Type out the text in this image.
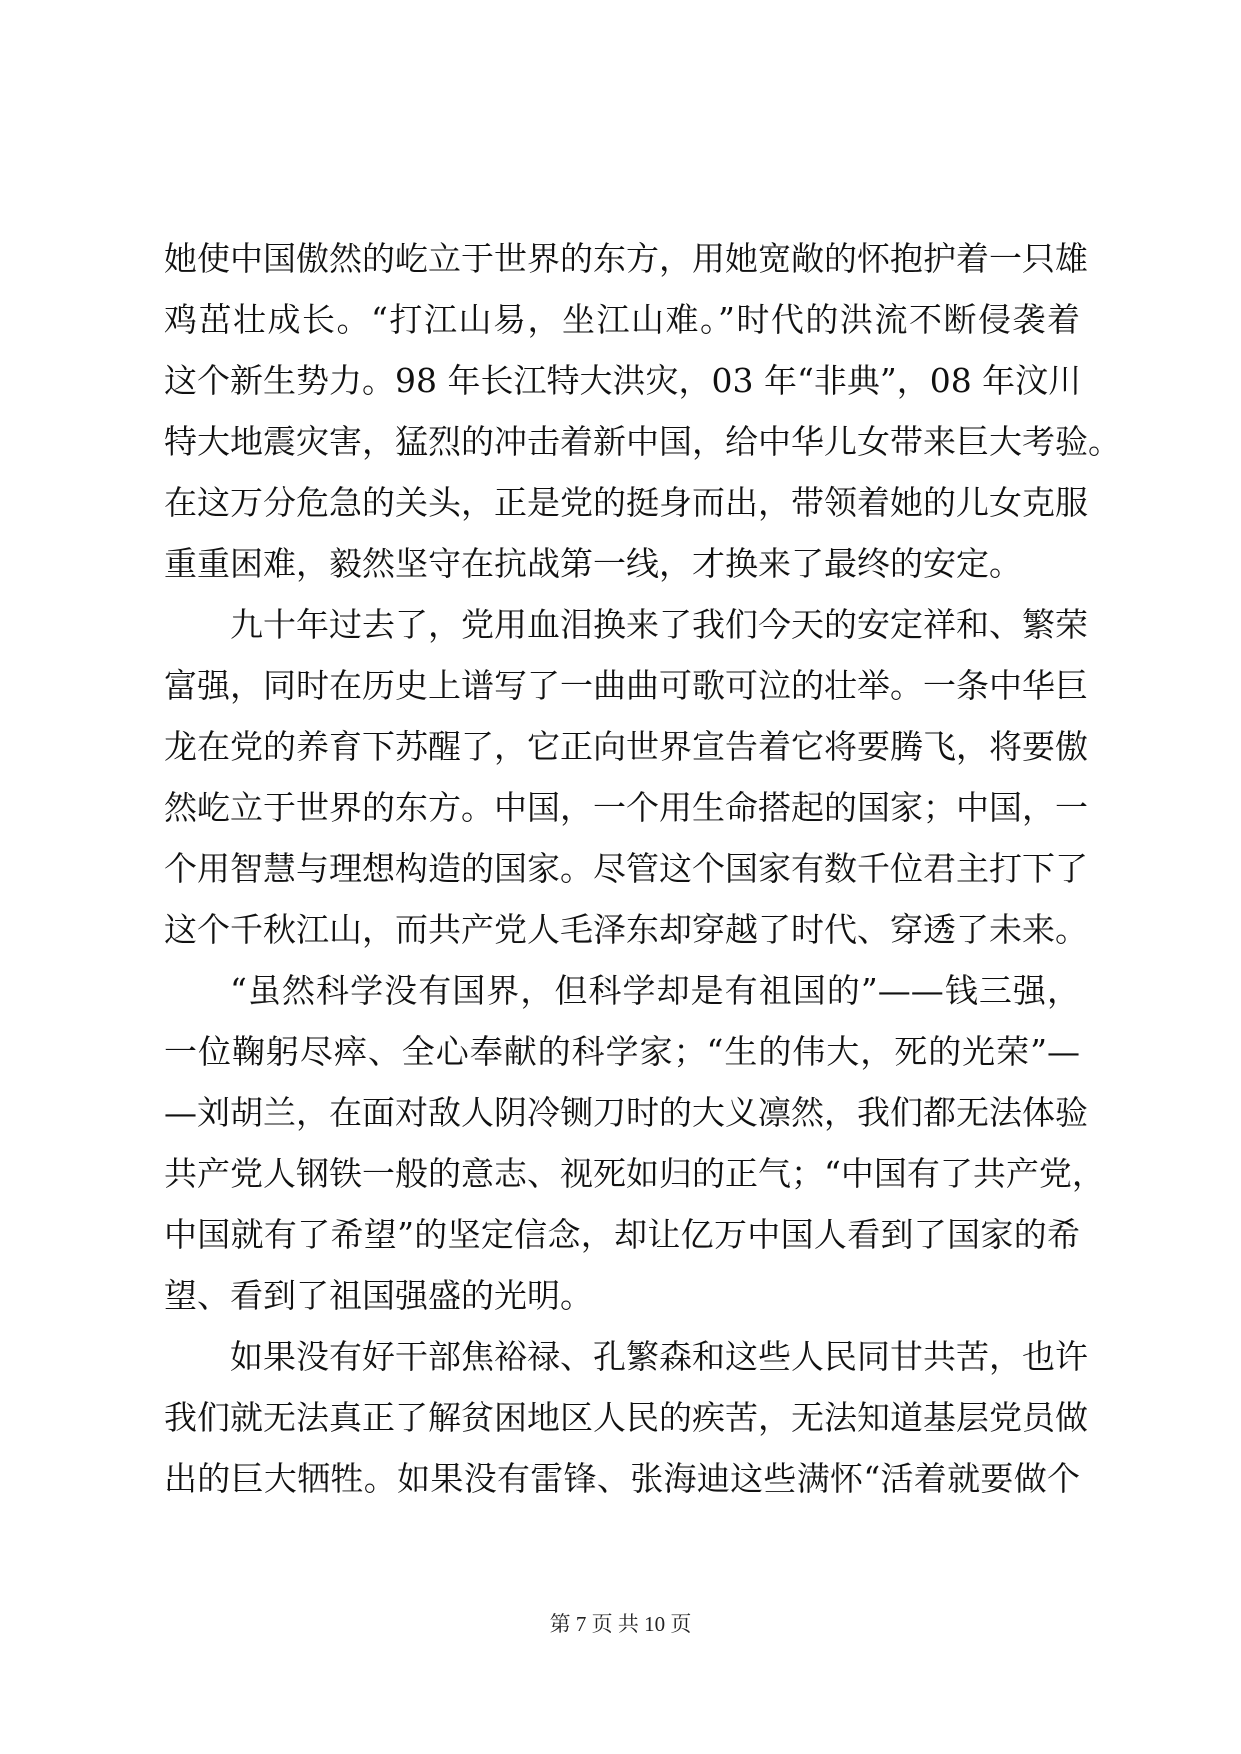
她使中国傲然的屹立于世界的东方，用她宽敞的怀抱护着一只雄
鸡茁壮成长。“打江山易，坐江山难。”时代的洪流不断侵袭着
这个新生势力。98 年长江特大洪灾，03 年“非典”，08 年汶川
特大地震灾害，猛烈的冲击着新中国，给中华儿女带来巨大考验。
在这万分危急的关头，正是党的挺身而出，带领着她的儿女克服
重重困难，毅然坚守在抗战第一线，才换来了最终的安定。
九十年过去了，党用血泪换来了我们今天的安定祥和、繁荣
富强，同时在历史上谱写了一曲曲可歌可泣的壮举。一条中华巨
龙在党的养育下苏醒了，它正向世界宣告着它将要腾飞，将要傲
然屹立于世界的东方。中国，一个用生命搭起的国家；中国，一
个用智慧与理想构造的国家。尽管这个国家有数千位君主打下了
这个千秋江山，而共产党人毛泽东却穿越了时代、穿透了未来。
“虽然科学没有国界，但科学却是有祖国的”——钱三强，
一位鞠躬尽瘁、全心奉献的科学家；“生的伟大，死的光荣”—
—刘胡兰，在面对敌人阴冷铡刀时的大义凛然，我们都无法体验
共产党人钢铁一般的意志、视死如归的正气；“中国有了共产党，
中国就有了希望”的坚定信念，却让亿万中国人看到了国家的希
望、看到了祖国强盛的光明。
如果没有好干部焦裕禄、孔繁森和这些人民同甘共苦，也许
我们就无法真正了解贫困地区人民的疾苦，无法知道基层党员做
出的巨大牺牲。如果没有雷锋、张海迪这些满怀“活着就要做个
第 7 页 共 10 页
